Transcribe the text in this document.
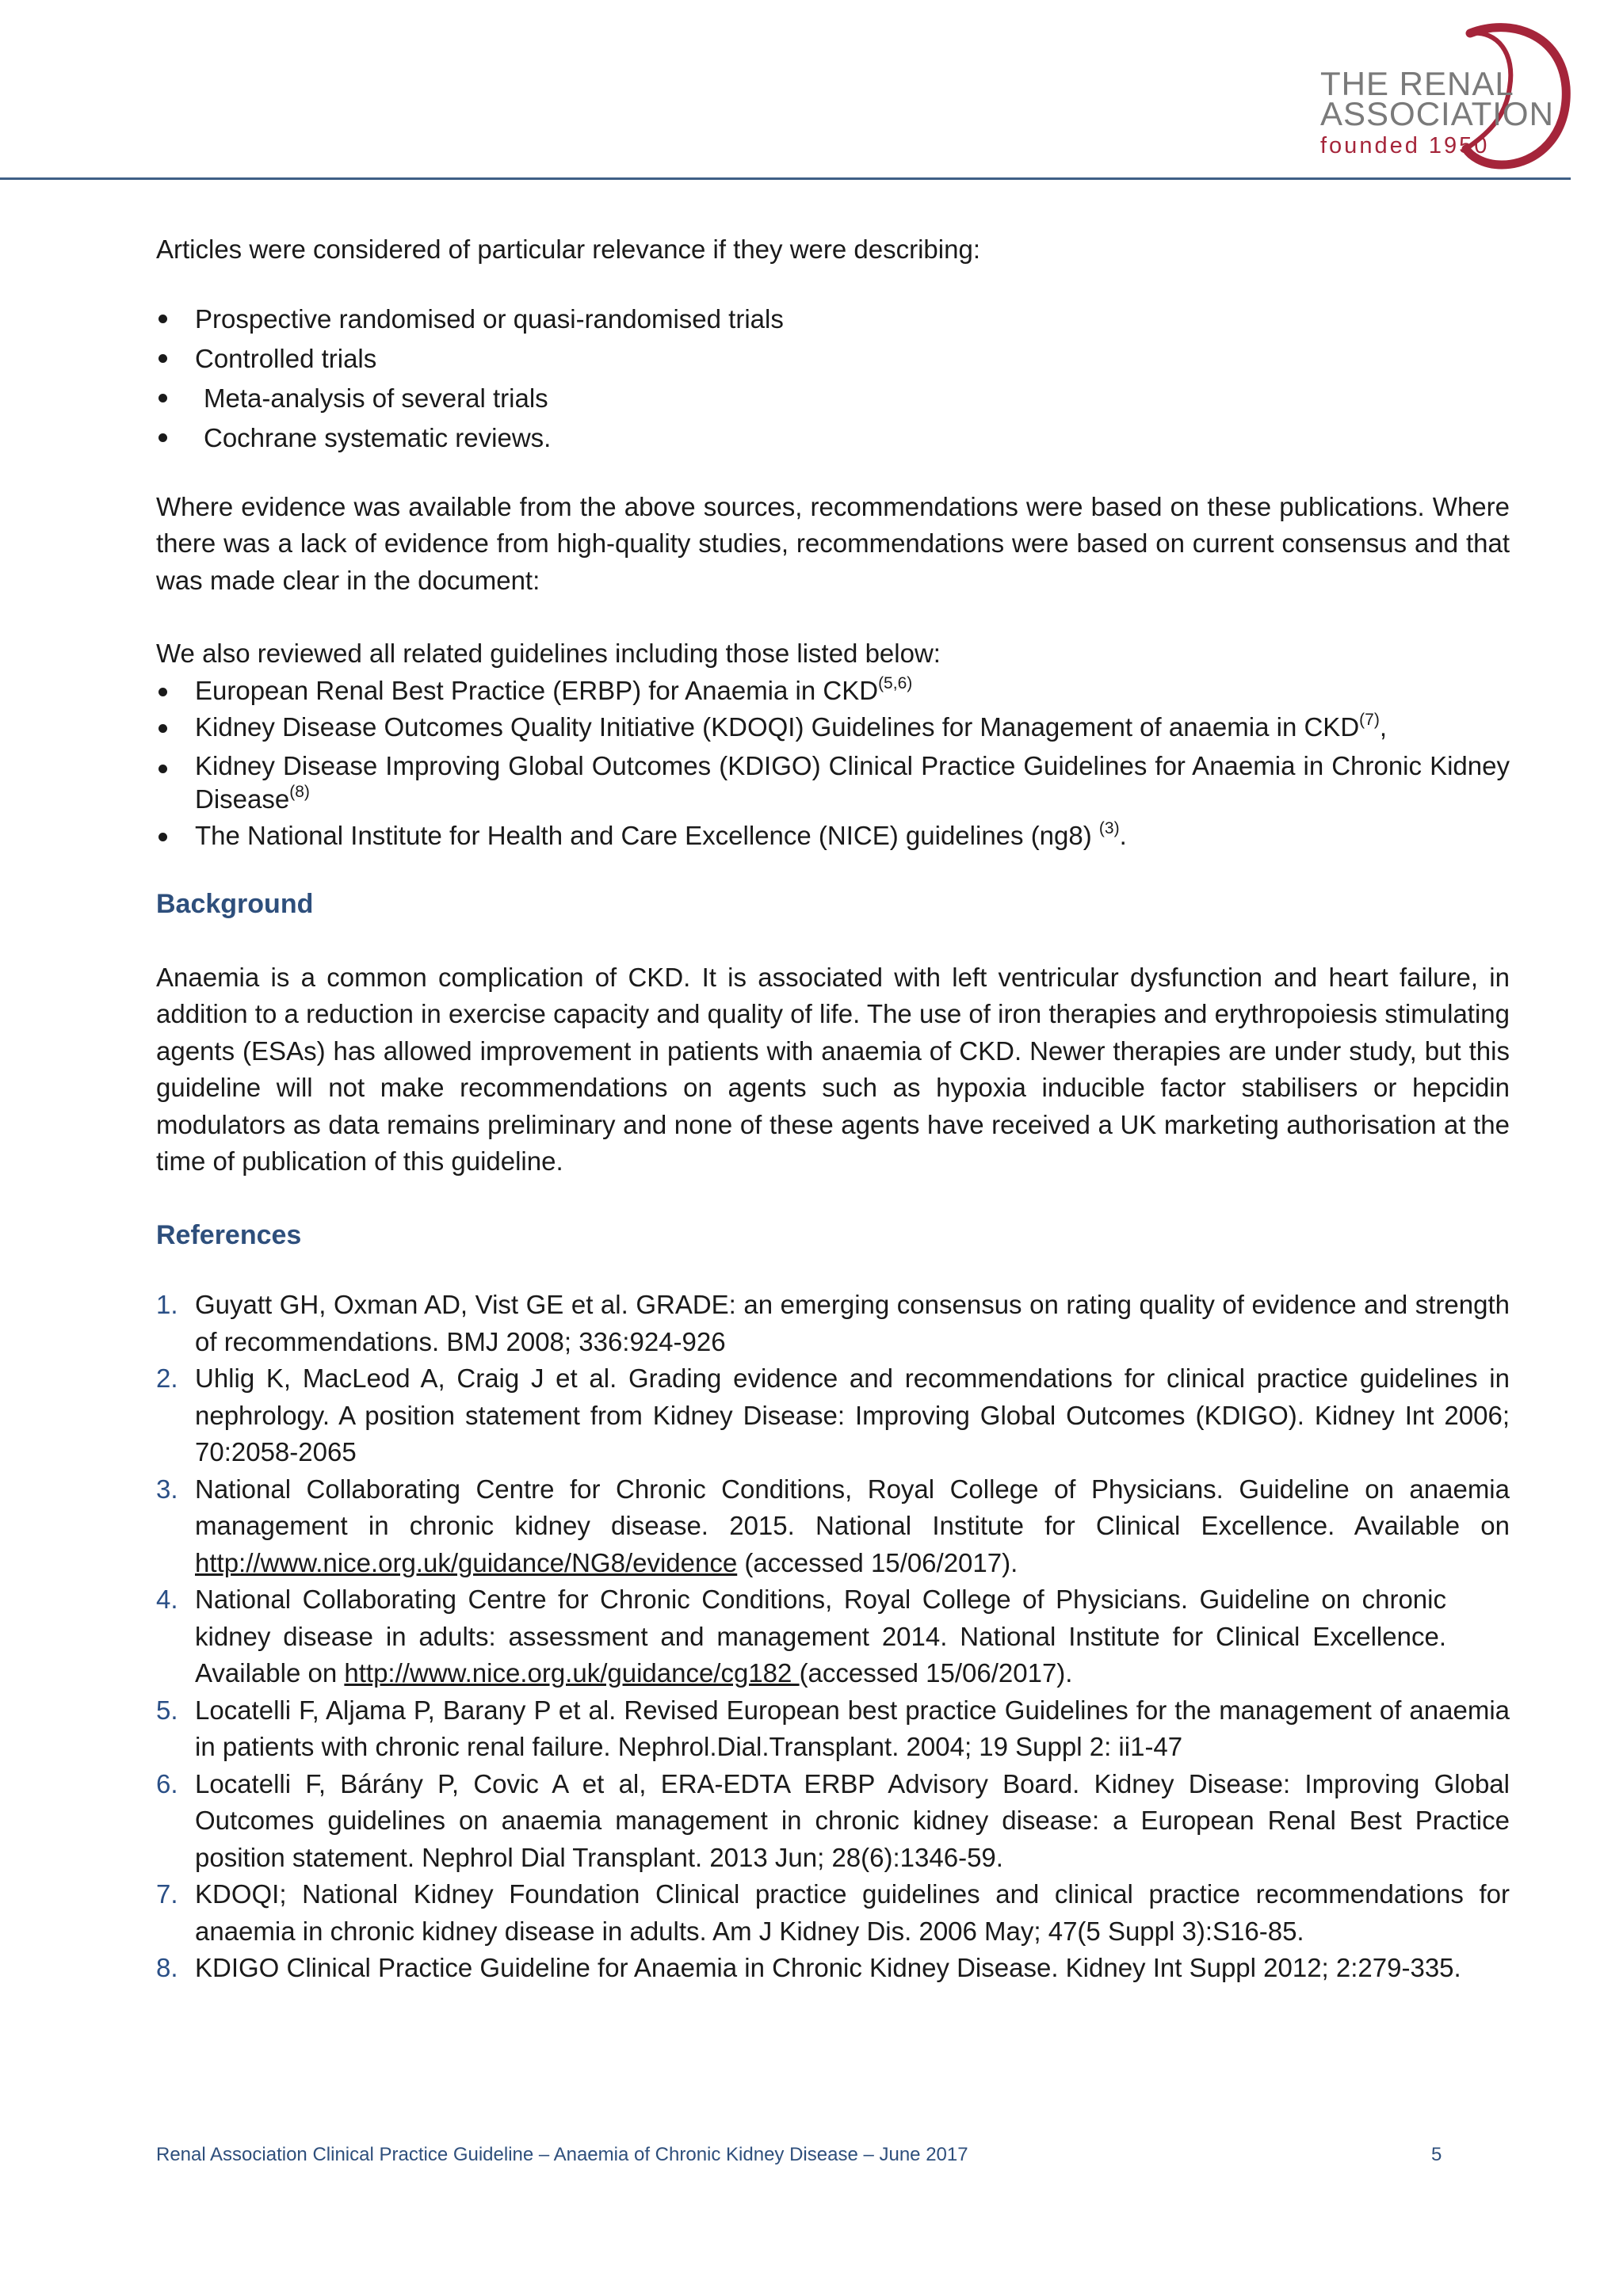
THE RENAL
ASSOCIATION
founded 1950

Articles were considered of particular relevance if they were describing:

Prospective randomised or quasi-randomised trials
Controlled trials
Meta-analysis of several trials
Cochrane systematic reviews.

Where evidence was available from the above sources, recommendations were based on these publications. Where there was a lack of evidence from high-quality studies, recommendations were based on current consensus and that was made clear in the document:

We also reviewed all related guidelines including those listed below:

European Renal Best Practice (ERBP) for Anaemia in CKD$^{(5,6)}$
Kidney Disease Outcomes Quality Initiative (KDOQI) Guidelines for Management of anaemia in CKD$^{(7)}$,
Kidney Disease Improving Global Outcomes (KDIGO) Clinical Practice Guidelines for Anaemia in Chronic Kidney Disease$^{(8)}$
The National Institute for Health and Care Excellence (NICE) guidelines (ng8) $^{(3)}$.
Background

Anaemia is a common complication of CKD. It is associated with left ventricular dysfunction and heart failure, in addition to a reduction in exercise capacity and quality of life. The use of iron therapies and erythropoiesis stimulating agents (ESAs) has allowed improvement in patients with anaemia of CKD. Newer therapies are under study, but this guideline will not make recommendations on agents such as hypoxia inducible factor stabilisers or hepcidin modulators as data remains preliminary and none of these agents have received a UK marketing authorisation at the time of publication of this guideline.

References
1. Guyatt GH, Oxman AD, Vist GE et al. GRADE: an emerging consensus on rating quality of evidence and strength of recommendations. BMJ 2008; 336:924-926
2. Uhlig K, MacLeod A, Craig J et al. Grading evidence and recommendations for clinical practice guidelines in nephrology. A position statement from Kidney Disease: Improving Global Outcomes (KDIGO). Kidney Int 2006; 70:2058-2065
3. National Collaborating Centre for Chronic Conditions, Royal College of Physicians. Guideline on anaemia management in chronic kidney disease. 2015. National Institute for Clinical Excellence. Available on http://www.nice.org.uk/guidance/NG8/evidence (accessed 15/06/2017).
4. National Collaborating Centre for Chronic Conditions, Royal College of Physicians. Guideline on chronic kidney disease in adults: assessment and management 2014. National Institute for Clinical Excellence. Available on http://www.nice.org.uk/guidance/cg182 (accessed 15/06/2017).
5. Locatelli F, Aljama P, Barany P et al. Revised European best practice Guidelines for the management of anaemia in patients with chronic renal failure. Nephrol.Dial.Transplant. 2004; 19 Suppl 2: ii1-47
6. Locatelli F, Bárány P, Covic A et al, ERA-EDTA ERBP Advisory Board. Kidney Disease: Improving Global Outcomes guidelines on anaemia management in chronic kidney disease: a European Renal Best Practice position statement. Nephrol Dial Transplant. 2013 Jun; 28(6):1346-59.
7. KDOQI; National Kidney Foundation Clinical practice guidelines and clinical practice recommendations for anaemia in chronic kidney disease in adults. Am J Kidney Dis. 2006 May; 47(5 Suppl 3):S16-85.
8. KDIGO Clinical Practice Guideline for Anaemia in Chronic Kidney Disease. Kidney Int Suppl 2012; 2:279-335.
Renal Association Clinical Practice Guideline – Anaemia of Chronic Kidney Disease – June 2017	5
